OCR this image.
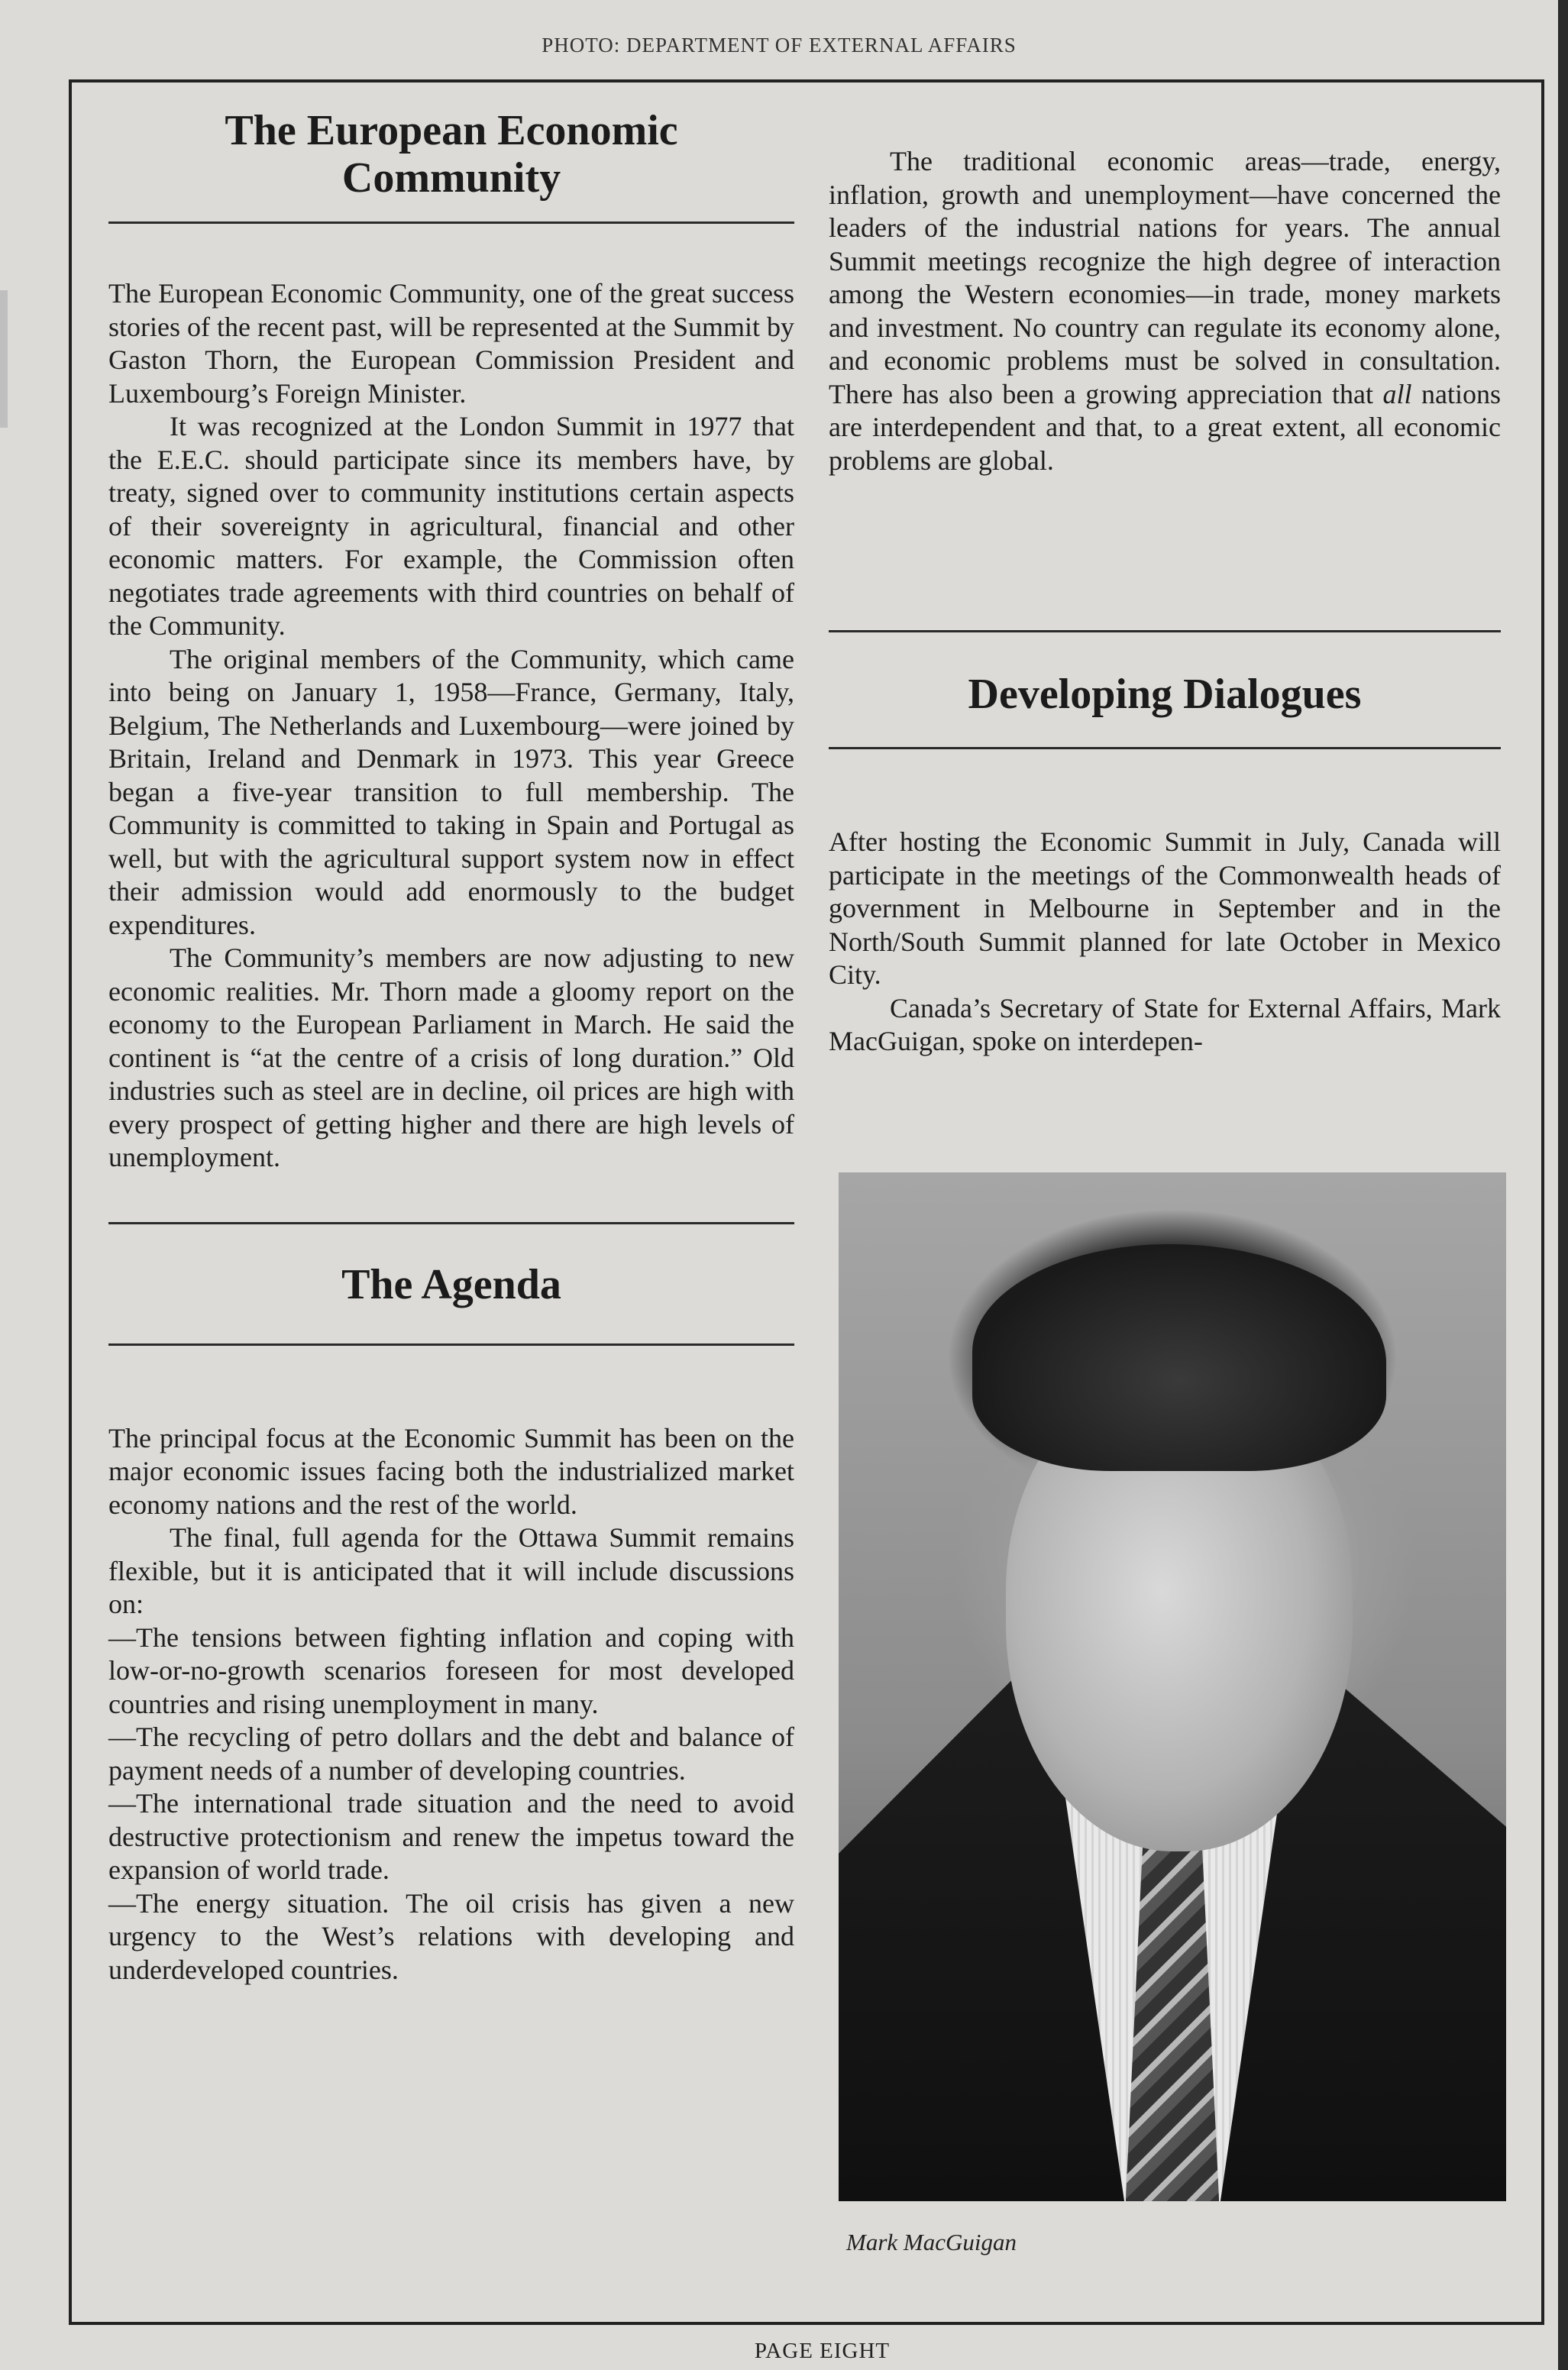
PHOTO: DEPARTMENT OF EXTERNAL AFFAIRS
The European Economic Community

The European Economic Community, one of the great success stories of the recent past, will be represented at the Summit by Gaston Thorn, the European Commission President and Luxembourg’s Foreign Minister.

It was recognized at the London Summit in 1977 that the E.E.C. should participate since its members have, by treaty, signed over to community institutions certain aspects of their sovereignty in agricultural, financial and other economic matters. For example, the Commission often negotiates trade agreements with third countries on behalf of the Community.

The original members of the Community, which came into being on January 1, 1958—France, Germany, Italy, Belgium, The Netherlands and Luxembourg—were joined by Britain, Ireland and Denmark in 1973. This year Greece began a five-year transition to full membership. The Community is committed to taking in Spain and Portugal as well, but with the agricultural support system now in effect their admission would add enormously to the budget expenditures.

The Community’s members are now adjusting to new economic realities. Mr. Thorn made a gloomy report on the economy to the European Parliament in March. He said the continent is “at the centre of a crisis of long duration.” Old industries such as steel are in decline, oil prices are high with every prospect of getting higher and there are high levels of unemployment.

The Agenda

The principal focus at the Economic Summit has been on the major economic issues facing both the industrialized market economy nations and the rest of the world.

The final, full agenda for the Ottawa Summit remains flexible, but it is anticipated that it will include discussions on:

—The tensions between fighting inflation and coping with low-or-no-growth scenarios foreseen for most developed countries and rising unemployment in many.

—The recycling of petro dollars and the debt and balance of payment needs of a number of developing countries.

—The international trade situation and the need to avoid destructive protectionism and renew the impetus toward the expansion of world trade.

—The energy situation. The oil crisis has given a new urgency to the West’s relations with developing and underdeveloped countries.

The traditional economic areas—trade, energy, inflation, growth and unemployment—have concerned the leaders of the industrial nations for years. The annual Summit meetings recognize the high degree of interaction among the Western economies—in trade, money markets and investment. No country can regulate its economy alone, and economic problems must be solved in consultation. There has also been a growing appreciation that all nations are interdependent and that, to a great extent, all economic problems are global.

Developing Dialogues

After hosting the Economic Summit in July, Canada will participate in the meetings of the Commonwealth heads of government in Melbourne in September and in the North/South Summit planned for late October in Mexico City.

Canada’s Secretary of State for External Affairs, Mark MacGuigan, spoke on interdepen-

Mark MacGuigan
PAGE EIGHT
